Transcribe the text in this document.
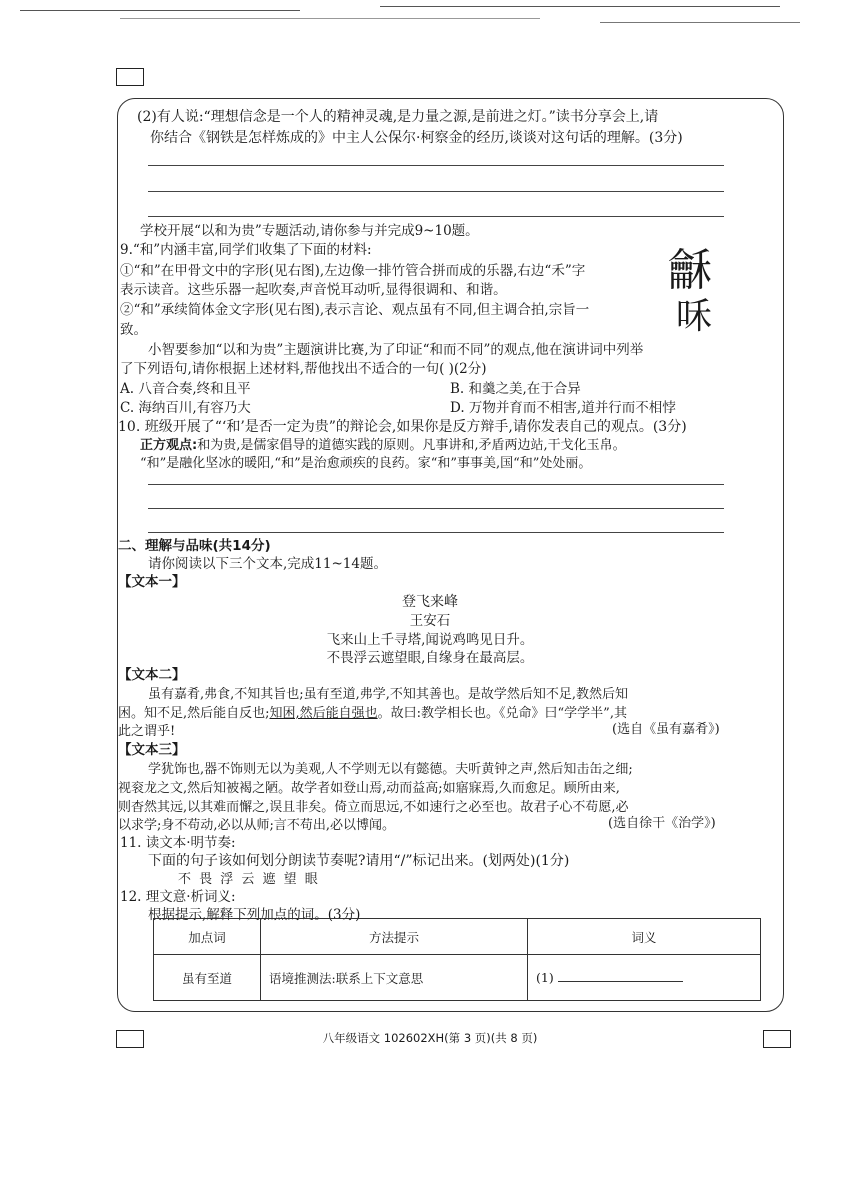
(2)有人说:“理想信念是一个人的精神灵魂,是力量之源,是前进之灯。”读书分享会上,请
你结合《钢铁是怎样炼成的》中主人公保尔·柯察金的经历,谈谈对这句话的理解。(3分)
学校开展“以和为贵”专题活动,请你参与并完成9~10题。
9.“和”内涵丰富,同学们收集了下面的材料:
①“和”在甲骨文中的字形(见右图),左边像一排竹管合拼而成的乐器,右边“禾”字
表示读音。这些乐器一起吹奏,声音悦耳动听,显得很调和、和谐。
②“和”承续简体金文字形(见右图),表示言论、观点虽有不同,但主调合拍,宗旨一
致。
龢
咊
小智要参加“以和为贵”主题演讲比赛,为了印证“和而不同”的观点,他在演讲词中列举
了下列语句,请你根据上述材料,帮他找出不适合的一句( )(2分)
A. 八音合奏,终和且平	B. 和羹之美,在于合异
C. 海纳百川,有容乃大	D. 万物并育而不相害,道并行而不相悖
10. 班级开展了“‘和’是否一定为贵”的辩论会,如果你是反方辩手,请你发表自己的观点。(3分)
正方观点:和为贵,是儒家倡导的道德实践的原则。凡事讲和,矛盾两边站,干戈化玉帛。
“和”是融化坚冰的暖阳,“和”是治愈顽疾的良药。家“和”事事美,国“和”处处丽。
二、理解与品味(共14分)
请你阅读以下三个文本,完成11~14题。
【文本一】
登飞来峰
王安石
飞来山上千寻塔,闻说鸡鸣见日升。
不畏浮云遮望眼,自缘身在最高层。
【文本二】
虽有嘉肴,弗食,不知其旨也;虽有至道,弗学,不知其善也。是故学然后知不足,教然后知
困。知不足,然后能自反也;知困,然后能自强也。故曰:教学相长也。《兑命》曰“学学半”,其
此之谓乎!	(选自《虽有嘉肴》)
【文本三】
学犹饰也,器不饰则无以为美观,人不学则无以有懿德。夫听黄钟之声,然后知击缶之细;
视衮龙之文,然后知被褐之陋。故学者如登山焉,动而益高;如寤寐焉,久而愈足。顾所由来,
则杳然其远,以其难而懈之,误且非矣。倚立而思远,不如速行之必至也。故君子心不苟愿,必
以求学;身不苟动,必以从师;言不苟出,必以博闻。	(选自徐干《治学》)
11. 读文本·明节奏:
下面的句子该如何划分朗读节奏呢?请用“/”标记出来。(划两处)(1分)
不 畏 浮 云 遮 望 眼
12. 理文意·析词义:
根据提示,解释下列加点的词。(3分)
加点词	方法提示	词义
虽有至道	语境推测法:联系上下文意思	(1)
八年级语文 102602XH(第 3 页)(共 8 页)
